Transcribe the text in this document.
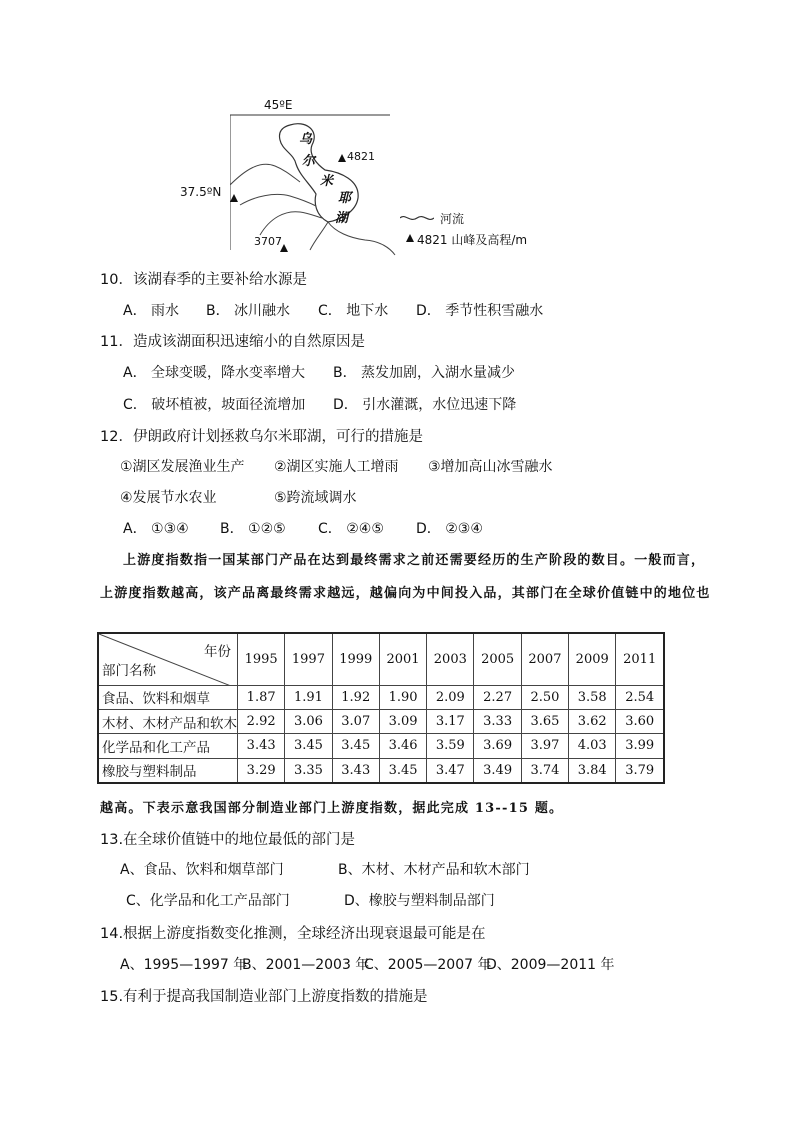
45ºE
37.5ºN
4821
3707
乌
尔
米
耶
湖	河流
4821 山峰及高程/m
10．该湖春季的主要补给水源是
A． 雨水 B． 冰川融水 C． 地下水 D． 季节性积雪融水
11．造成该湖面积迅速缩小的自然原因是
A． 全球变暖，降水变率增大 B． 蒸发加剧，入湖水量减少
C． 破坏植被，坡面径流增加 D． 引水灌溉，水位迅速下降
12．伊朗政府计划拯救乌尔米耶湖，可行的措施是
①湖区发展渔业生产 ②湖区实施人工增雨 ③增加高山冰雪融水
④发展节水农业	⑤跨流域调水
A． ①③④ B． ①②⑤ C． ②④⑤ D． ②③④
上游度指数指一国某部门产品在达到最终需求之前还需要经历的生产阶段的数目。一般而言，
上游度指数越高，该产品离最终需求越远，越偏向为中间投入品，其部门在全球价值链中的地位也
年份
部门名称	1995	1997	1999	2001	2003	2005	2007	2009	2011
食品、饮料和烟草	1.87	1.91	1.92	1.90	2.09	2.27	2.50	3.58	2.54
木材、木材产品和软木	2.92	3.06	3.07	3.09	3.17	3.33	3.65	3.62	3.60
化学品和化工产品	3.43	3.45	3.45	3.46	3.59	3.69	3.97	4.03	3.99
橡胶与塑料制品	3.29	3.35	3.43	3.45	3.47	3.49	3.74	3.84	3.79
越高。下表示意我国部分制造业部门上游度指数，据此完成 13--15 题。
13.在全球价值链中的地位最低的部门是
A、食品、饮料和烟草部门	B、木材、木材产品和软木部门
C、化学品和化工产品部门	D、橡胶与塑料制品部门
14.根据上游度指数变化推测，全球经济出现衰退最可能是在
A、1995—1997 年
B、2001—2003 年
C、2005—2007 年
D、2009—2011 年
15.有利于提高我国制造业部门上游度指数的措施是
